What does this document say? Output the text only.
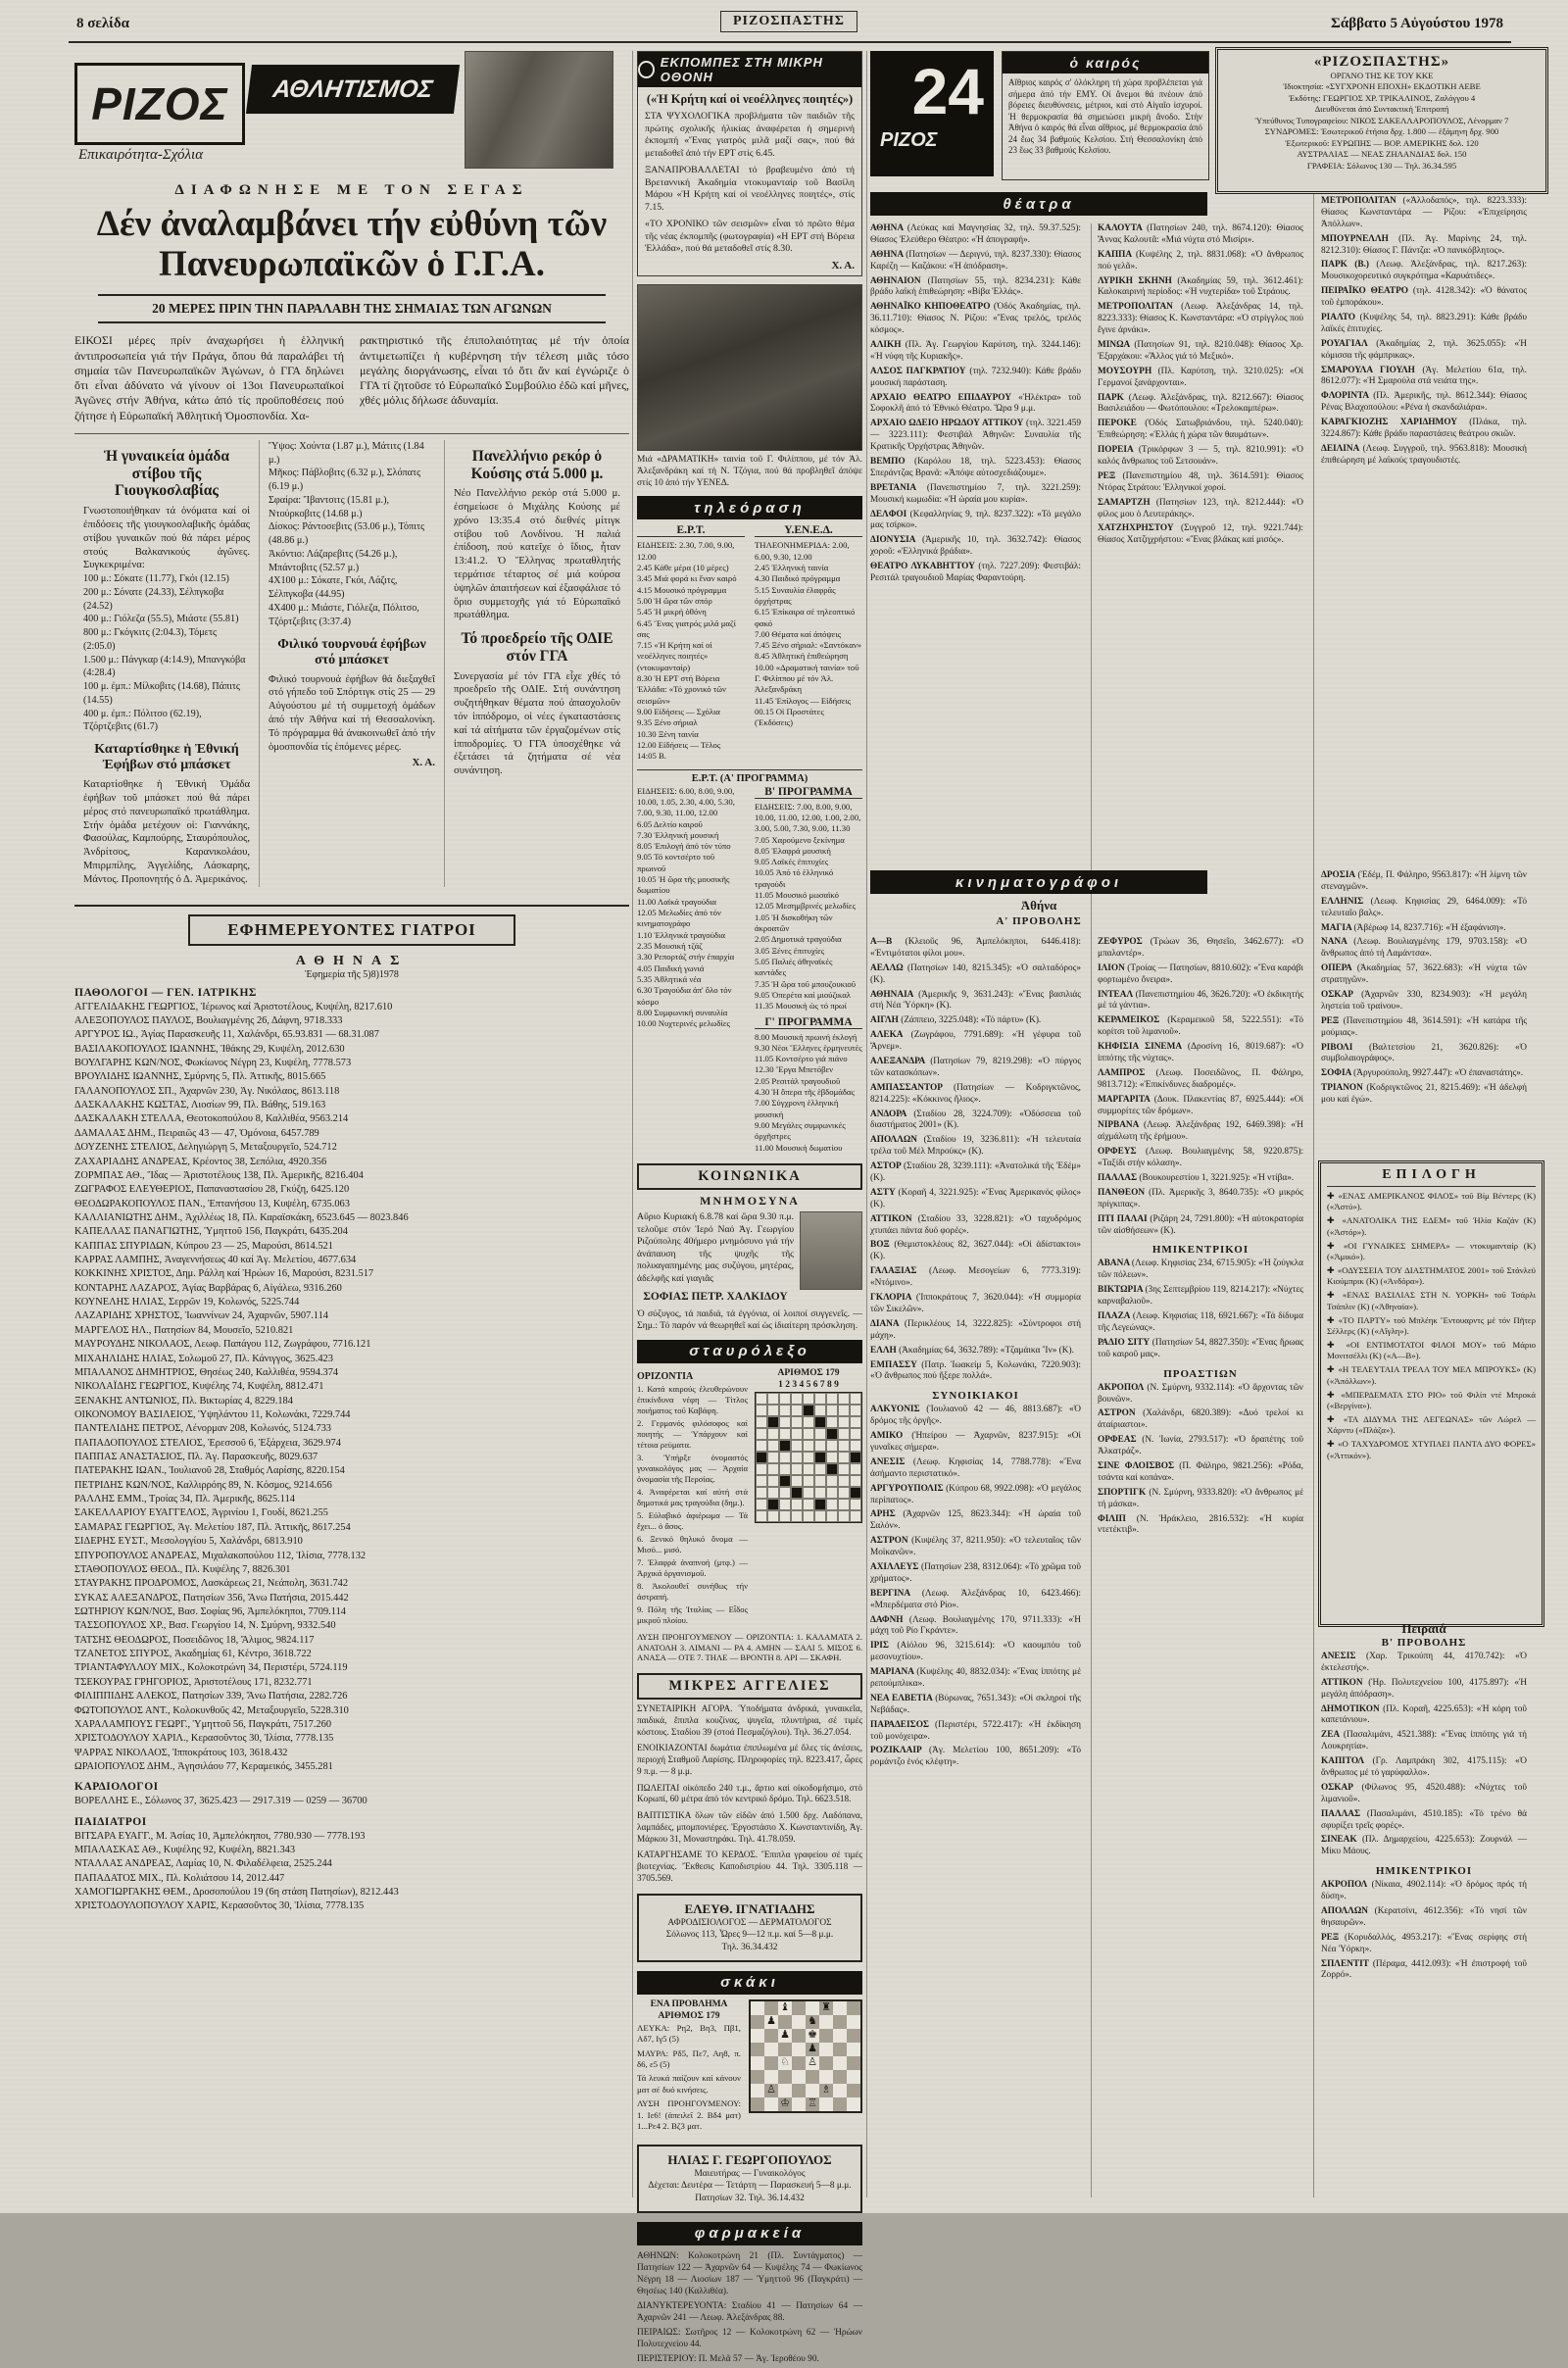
8 σελίδα	ΡΙΖΟΣΠΑΣΤΗΣ	Σάββατο 5 Αὐγούστου 1978
ΡΙΖΟΣ
Επικαιρότητα-Σχόλια
ΑΘΛΗΤΙΣΜΟΣ
ΔΙΑΦΩΝΗΣΕ ΜΕ ΤΟΝ ΣΕΓΑΣ
Δέν ἀναλαμβάνει τήν εὐθύνη τῶν Πανευρωπαϊκῶν ὁ Γ.Γ.Α.
20 ΜΕΡΕΣ ΠΡΙΝ ΤΗΝ ΠΑΡΑΛΑΒΗ ΤΗΣ ΣΗΜΑΙΑΣ ΤΩΝ ΑΓΩΝΩΝ

ΕΙΚΟΣΙ μέρες πρίν ἀναχωρήσει ἡ ἑλληνική ἀντιπροσωπεία γιά τήν Πράγα, ὅπου θά παραλάβει τή σημαία τῶν Πανευρωπαϊκῶν Ἀγώνων, ὁ ΓΓΑ δηλώνει ὅτι εἶναι ἀδύνατο νά γίνουν οἱ 13οι Πανευρωπαϊκοί Ἀγῶνες στήν Ἀθήνα, κάτω ἀπό τίς προϋποθέσεις πού ζήτησε ἡ Εὐρωπαϊκή Ἀθλητική Ὁμοσπονδία. Χα-

ρακτηριστικό τῆς ἐπιπολαιότητας μέ τήν ὁποία ἀντιμετωπίζει ἡ κυβέρνηση τήν τέλεση μιᾶς τόσο μεγάλης διοργάνωσης, εἶναι τό ὅτι ἄν καί ἐγνώριζε ὁ ΓΓΑ τί ζητοῦσε τό Εὐρωπαϊκό Συμβούλιο ἐδῶ καί μῆνες, χθές μόλις δήλωσε ἀδυναμία.

Ἡ γυναικεία ὁμάδα στίβου τῆς Γιουγκοσλαβίας
Γνωστοποιήθηκαν τά ὀνόματα καί οἱ ἐπιδόσεις τῆς γιουγκοσλαβικῆς ὁμάδας στίβου γυναικῶν πού θά πάρει μέρος στούς Βαλκανικούς ἀγῶνες. Συγκεκριμένα:
100 μ.: Σόκατε (11.77), Γκόι (12.15)
200 μ.: Σόνατε (24.33), Σέλπγκοβα (24.52)
400 μ.: Γιόλεζα (55.5), Μιάστε (55.81)
800 μ.: Γκόγκιτς (2:04.3), Τόμετς (2:05.0)
1.500 μ.: Πάνγκαρ (4:14.9), Μπανγκόβα (4:28.4)
100 μ. ἐμπ.: Μίλκοβιτς (14.68), Πάπιτς (14.55)
400 μ. ἐμπ.: Πόλιτσο (62.19), Τζόρτζεβιτς (61.7)
Καταρτίσθηκε ἡ Ἐθνική Ἐφήβων στό μπάσκετ
Καταρτίσθηκε ἡ Ἐθνική Ὁμάδα ἐφήβων τοῦ μπάσκετ πού θά πάρει μέρος στό πανευρωπαϊκό πρωτάθλημα. Στήν ὁμάδα μετέχουν οἱ: Γιαννάκης, Φασούλας, Καμπούρης, Σταυρόπουλος, Ἀνδρίτσος, Καρανικολάου, Μπιρμπίλης, Ἀγγελίδης, Λάσκαρης, Μάντος. Προπονητής ὁ Δ. Ἀμερικάνος.
Ὕψος: Χούντα (1.87 μ.), Μάτιτς (1.84 μ.)
Μῆκος: Πάβλοβιτς (6.32 μ.), Σλόπατς (6.19 μ.)
Σφαίρα: Ἴβαντσιτς (15.81 μ.), Ντούρκοβιτς (14.68 μ.)
Δίσκος: Ράντοσεβιτς (53.06 μ.), Τόπιτς (48.86 μ.)
Ἀκόντιο: Λάζαρεβιτς (54.26 μ.), Μπάντοβιτς (52.57 μ.)
4Χ100 μ.: Σόκατε, Γκόι, Λάζιτς, Σέλπγκοβα (44.95)
4Χ400 μ.: Μιάστε, Γιόλεζα, Πόλιτσο, Τζόρτζεβιτς (3:37.4)
Φιλικό τουρνουά ἐφήβων στό μπάσκετ
Φιλικό τουρνουά ἐφήβων θά διεξαχθεῖ στό γήπεδο τοῦ Σπόρτιγκ στίς 25 — 29 Αὐγούστου μέ τή συμμετοχή ὁμάδων ἀπό τήν Ἀθήνα καί τή Θεσσαλονίκη. Τό πρόγραμμα θά ἀνακοινωθεῖ ἀπό τήν ὁμοσπονδία τίς ἑπόμενες μέρες.
Χ. Α.
Πανελλήνιο ρεκόρ ὁ Κούσης στά 5.000 μ.
Νέο Πανελλήνιο ρεκόρ στά 5.000 μ. ἐσημείωσε ὁ Μιχάλης Κούσης μέ χρόνο 13:35.4 στό διεθνές μίτιγκ στίβου τοῦ Λονδίνου. Ἡ παλιά ἐπίδοση, πού κατεῖχε ὁ ἴδιος, ἦταν 13:41.2. Ὁ Ἕλληνας πρωταθλητής τερμάτισε τέταρτος σέ μιά κούρσα ὑψηλῶν ἀπαιτήσεων καί ἐξασφάλισε τό ὅριο συμμετοχῆς γιά τό Εὐρωπαϊκό πρωτάθλημα.
Τό προεδρείο τῆς ΟΔΙΕ στόν ΓΓΑ
Συνεργασία μέ τόν ΓΓΑ εἶχε χθές τό προεδρεῖο τῆς ΟΔΙΕ. Στή συνάντηση συζητήθηκαν θέματα πού ἀπασχολοῦν τόν ἱππόδρομο, οἱ νέες ἐγκαταστάσεις καί τά αἰτήματα τῶν ἐργαζομένων στίς ἱπποδρομίες. Ὁ ΓΓΑ ὑποσχέθηκε νά ἐξετάσει τά ζητήματα σέ νέα συνάντηση.
ΕΦΗΜΕΡΕΥΟΝΤΕΣ ΓΙΑΤΡΟΙ
ΑΘΗΝΑΣ
Ἐφημερία τῆς 5)8)1978
ΠΑΘΟΛΟΓΟΙ — ΓΕΝ. ΙΑΤΡΙΚΗΣ
ΑΓΓΕΛΙΔΑΚΗΣ ΓΕΩΡΓΙΟΣ, Ἱέρωνος καί Ἀριστοτέλους, Κυψέλη, 8217.610
ΑΛΕΞΟΠΟΥΛΟΣ ΠΑΥΛΟΣ, Βουλιαγμένης 26, Δάφνη, 9718.333
ΑΡΓΥΡΟΣ ΙΩ., Ἁγίας Παρασκευῆς 11, Χαλάνδρι, 65.93.831 — 68.31.087
ΒΑΣΙΛΑΚΟΠΟΥΛΟΣ ΙΩΑΝΝΗΣ, Ἰθάκης 29, Κυψέλη, 2012.630
ΒΟΥΛΓΑΡΗΣ ΚΩΝ/ΝΟΣ, Φωκίωνος Νέγρη 23, Κυψέλη, 7778.573
ΒΡΟΥΛΙΔΗΣ ΙΩΑΝΝΗΣ, Σμύρνης 5, Πλ. Ἀττικῆς, 8015.665
ΓΑΛΑΝΟΠΟΥΛΟΣ ΣΠ., Ἀχαρνῶν 230, Ἁγ. Νικόλαος, 8613.118
ΔΑΣΚΑΛΑΚΗΣ ΚΩΣΤΑΣ, Λιοσίων 99, Πλ. Βάθης, 519.163
ΔΑΣΚΑΛΑΚΗ ΣΤΕΛΛΑ, Θεοτοκοπούλου 8, Καλλιθέα, 9563.214
ΔΑΜΑΛΑΣ ΔΗΜ., Πειραιῶς 43 — 47, Ὁμόνοια, 6457.789
ΔΟΥΖΕΝΗΣ ΣΤΕΛΙΟΣ, Δεληγιώργη 5, Μεταξουργεῖο, 524.712
ΖΑΧΑΡΙΑΔΗΣ ΑΝΔΡΕΑΣ, Κρέοντος 38, Σεπόλια, 4920.356
ΖΟΡΜΠΑΣ ΑΘ., Ἴδας — Ἀριστοτέλους 138, Πλ. Ἀμερικῆς, 8216.404
ΖΩΓΡΑΦΟΣ ΕΛΕΥΘΕΡΙΟΣ, Παπαναστασίου 28, Γκύζη, 6425.120
ΘΕΟΔΩΡΑΚΟΠΟΥΛΟΣ ΠΑΝ., Ἐπτανήσου 13, Κυψέλη, 6735.063
ΚΑΛΛΙΑΝΙΩΤΗΣ ΔΗΜ., Ἀχιλλέως 18, Πλ. Καραϊσκάκη, 6523.645 — 8023.846
ΚΑΠΕΛΛΑΣ ΠΑΝΑΓΙΩΤΗΣ, Ὑμηττοῦ 156, Παγκράτι, 6435.204
ΚΑΠΠΑΣ ΣΠΥΡΙΔΩΝ, Κύπρου 23 — 25, Μαρούσι, 8614.521
ΚΑΡΡΑΣ ΛΑΜΠΗΣ, Ἀναγεννήσεως 40 καί Ἁγ. Μελετίου, 4677.634
ΚΟΚΚΙΝΗΣ ΧΡΙΣΤΟΣ, Δημ. Ράλλη καί Ἡρώων 16, Μαρούσι, 8231.517
ΚΟΝΤΑΡΗΣ ΛΑΖΑΡΟΣ, Ἁγίας Βαρβάρας 6, Αἰγάλεω, 9316.260
ΚΟΥΝΕΛΗΣ ΗΛΙΑΣ, Σερρῶν 19, Κολωνός, 5225.744
ΛΑΖΑΡΙΔΗΣ ΧΡΗΣΤΟΣ, Ἰωαννίνων 24, Ἀχαρνῶν, 5907.114
ΜΑΡΓΕΛΟΣ ΗΛ., Πατησίων 84, Μουσεῖο, 5210.821
ΜΑΥΡΟΥΔΗΣ ΝΙΚΟΛΑΟΣ, Λεωφ. Παπάγου 112, Ζωγράφου, 7716.121
ΜΙΧΑΗΛΙΔΗΣ ΗΛΙΑΣ, Σολωμοῦ 27, Πλ. Κάνιγγος, 3625.423
ΜΠΑΛΑΝΟΣ ΔΗΜΗΤΡΙΟΣ, Θησέως 240, Καλλιθέα, 9594.374
ΝΙΚΟΛΑΪΔΗΣ ΓΕΩΡΓΙΟΣ, Κυψέλης 74, Κυψέλη, 8812.471
ΞΕΝΑΚΗΣ ΑΝΤΩΝΙΟΣ, Πλ. Βικτωρίας 4, 8229.184
ΟΙΚΟΝΟΜΟΥ ΒΑΣΙΛΕΙΟΣ, Ὑψηλάντου 11, Κολωνάκι, 7229.744
ΠΑΝΤΕΛΙΔΗΣ ΠΕΤΡΟΣ, Λένορμαν 208, Κολωνός, 5124.733
ΠΑΠΑΔΟΠΟΥΛΟΣ ΣΤΕΛΙΟΣ, Ἐρεσσοῦ 6, Ἐξάρχεια, 3629.974
ΠΑΠΠΑΣ ΑΝΑΣΤΑΣΙΟΣ, Πλ. Ἁγ. Παρασκευῆς, 8029.637
ΠΑΤΕΡΑΚΗΣ ΙΩΑΝ., Ἰουλιανοῦ 28, Σταθμός Λαρίσης, 8220.154
ΠΕΤΡΙΔΗΣ ΚΩΝ/ΝΟΣ, Καλλιρρόης 89, Ν. Κόσμος, 9214.656
ΡΑΛΛΗΣ ΕΜΜ., Τροίας 34, Πλ. Ἀμερικῆς, 8625.114
ΣΑΚΕΛΛΑΡΙΟΥ ΕΥΑΓΓΕΛΟΣ, Ἀγρινίου 1, Γουδί, 8621.255
ΣΑΜΑΡΑΣ ΓΕΩΡΓΙΟΣ, Ἁγ. Μελετίου 187, Πλ. Ἀττικῆς, 8617.254
ΣΙΔΕΡΗΣ ΕΥΣΤ., Μεσολογγίου 5, Χαλάνδρι, 6813.910
ΣΠΥΡΟΠΟΥΛΟΣ ΑΝΔΡΕΑΣ, Μιχαλακοπούλου 112, Ἰλίσια, 7778.132
ΣΤΑΘΟΠΟΥΛΟΣ ΘΕΟΔ., Πλ. Κυψέλης 7, 8826.301
ΣΤΑΥΡΑΚΗΣ ΠΡΟΔΡΟΜΟΣ, Λασκάρεως 21, Νεάπολη, 3631.742
ΣΥΚΑΣ ΑΛΕΞΑΝΔΡΟΣ, Πατησίων 356, Ἄνω Πατήσια, 2015.442
ΣΩΤΗΡΙΟΥ ΚΩΝ/ΝΟΣ, Βασ. Σοφίας 96, Ἀμπελόκηποι, 7709.114
ΤΑΣΣΟΠΟΥΛΟΣ ΧΡ., Βασ. Γεωργίου 14, Ν. Σμύρνη, 9332.540
ΤΑΤΣΗΣ ΘΕΟΔΩΡΟΣ, Ποσειδῶνος 18, Ἄλιμος, 9824.117
ΤΖΑΝΕΤΟΣ ΣΠΥΡΟΣ, Ἀκαδημίας 61, Κέντρο, 3618.722
ΤΡΙΑΝΤΑΦΥΛΛΟΥ ΜΙΧ., Κολοκοτρώνη 34, Περιστέρι, 5724.119
ΤΣΕΚΟΥΡΑΣ ΓΡΗΓΟΡΙΟΣ, Ἀριστοτέλους 171, 8232.771
ΦΙΛΙΠΠΙΔΗΣ ΑΛΕΚΟΣ, Πατησίων 339, Ἄνω Πατήσια, 2282.726
ΦΩΤΟΠΟΥΛΟΣ ΑΝΤ., Κολοκυνθοῦς 42, Μεταξουργεῖο, 5228.310
ΧΑΡΑΛΑΜΠΟΥΣ ΓΕΩΡΓ., Ὑμηττοῦ 56, Παγκράτι, 7517.260
ΧΡΙΣΤΟΔΟΥΛΟΥ ΧΑΡΙΛ., Κερασοῦντος 30, Ἰλίσια, 7778.135
ΨΑΡΡΑΣ ΝΙΚΟΛΑΟΣ, Ἱπποκράτους 103, 3618.432
ΩΡΑΙΟΠΟΥΛΟΣ ΔΗΜ., Ἀγησιλάου 77, Κεραμεικός, 3455.281
ΚΑΡΔΙΟΛΟΓΟΙ
ΒΟΡΕΛΛΗΣ Ε., Σόλωνος 37, 3625.423 — 2917.319 — 0259 — 36700
ΠΑΙΔΙΑΤΡΟΙ
ΒΙΤΣΑΡΑ ΕΥΑΓΓ., Μ. Ἀσίας 10, Ἀμπελόκηποι, 7780.930 — 7778.193
ΜΠΑΛΑΣΚΑΣ ΑΘ., Κυψέλης 92, Κυψέλη, 8821.343
ΝΤΑΛΛΑΣ ΑΝΔΡΕΑΣ, Λαμίας 10, Ν. Φιλαδέλφεια, 2525.244
ΠΑΠΑΔΑΤΟΣ ΜΙΧ., Πλ. Κολιάτσου 14, 2012.447
ΧΑΜΟΓΙΩΡΓΑΚΗΣ ΘΕΜ., Δροσοπούλου 19 (6η στάση Πατησίων), 8212.443
ΧΡΙΣΤΟΔΟΥΛΟΠΟΥΛΟΥ ΧΑΡΙΣ, Κερασοῦντος 30, Ἰλίσια, 7778.135
ΕΚΠΟΜΠΕΣ ΣΤΗ ΜΙΚΡΗ ΟΘΟΝΗ
(«Ἡ Κρήτη καί οἱ νεοέλληνες ποιητές»)

ΣΤΑ ΨΥΧΟΛΟΓΙΚΑ προβλήματα τῶν παιδιῶν τῆς πρώτης σχολικῆς ἡλικίας ἀναφέρεται ἡ σημερινή ἐκπομπή «Ἕνας γιατρός μιλᾶ μαζί σας», πού θά μεταδοθεῖ ἀπό τήν ΕΡΤ στίς 6.45.

ΞΑΝΑΠΡΟΒΑΛΛΕΤΑΙ τό βραβευμένο ἀπό τή Βρεταννική Ἀκαδημία ντοκυμανταίρ τοῦ Βασίλη Μάρου «Ἡ Κρήτη καί οἱ νεοέλληνες ποιητές», στίς 7.15.

«ΤΟ ΧΡΟΝΙΚΟ τῶν σεισμῶν» εἶναι τό πρῶτο θέμα τῆς νέας ἐκπομπῆς (φωτογραφία) «Η ΕΡΤ στή Βόρεια Ἑλλάδα», πού θά μεταδοθεῖ στίς 8.30.

Χ. Α.
Μιά «ΔΡΑΜΑΤΙΚΗ» ταινία τοῦ Γ. Φιλίππου, μέ τόν Ἀλ. Ἀλεξανδράκη καί τή Ν. Τζόγια, πού θά προβληθεῖ ἀπόψε στίς 10 ἀπό τήν ΥΕΝΕΔ.
τηλεόραση
Ε.Ρ.Τ.
ΕΙΔΗΣΕΙΣ: 2.30, 7.00, 9.00, 12.00
2.45 Κάθε μέρα (10 μέρες)
3.45 Μιά φορά κι ἕναν καιρό
4.15 Μουσικό πρόγραμμα
5.00 Ἡ ὥρα τῶν σπόρ
5.45 Ἡ μικρή ὀθόνη
6.45 Ἕνας γιατρός μιλᾶ μαζί σας
7.15 «Ἡ Κρήτη καί οἱ νεοέλληνες ποιητές» (ντοκυμανταίρ)
8.30 Ἡ ΕΡΤ στή Βόρεια Ἑλλάδα: «Τό χρονικό τῶν σεισμῶν»
9.00 Εἰδήσεις — Σχόλια
9.35 Ξένο σήριαλ
10.30 Ξένη ταινία
12.00 Εἰδήσεις — Τέλος
14:05 Β.
Υ.ΕΝ.Ε.Δ.
ΤΗΛΕΟΝΗΜΕΡΙΔΑ: 2.00, 6.00, 9.30, 12.00
2.45 Ἑλληνική ταινία
4.30 Παιδικό πρόγραμμα
5.15 Συναυλία ἐλαφρᾶς ὀρχήστρας
6.15 Ἐπίκαιρα σέ τηλεοπτικό φακό
7.00 Θέματα καί ἀπόψεις
7.45 Ξένο σήριαλ: «Σαντόκαν»
8.45 Ἀθλητική ἐπιθεώρηση
10.00 «Δραματική ταινία» τοῦ Γ. Φιλίππου μέ τόν Ἀλ. Ἀλεξανδράκη
11.45 Ἐπίλογος — Εἰδήσεις
00.15 Οἱ Προστάτες (Ἐκδόσεις)
Ε.Ρ.Τ. (Α' ΠΡΟΓΡΑΜΜΑ)
ΕΙΔΗΣΕΙΣ: 6.00, 8.00, 9.00, 10.00, 1.05, 2.30, 4.00, 5.30, 7.00, 9.30, 11.00, 12.00
6.05 Δελτίο καιροῦ
7.30 Ἑλληνική μουσική
8.05 Ἐπιλογή ἀπό τόν τύπο
9.05 Τό κοντσέρτο τοῦ πρωινοῦ
10.05 Ἡ ὥρα τῆς μουσικῆς δωματίου
11.00 Λαϊκά τραγούδια
12.05 Μελωδίες ἀπό τόν κινηματογράφο
1.10 Ἑλληνικά τραγούδια
2.35 Μουσική τζάζ
3.30 Ρεπορτάζ στήν ἐπαρχία
4.05 Παιδική γωνιά
5.35 Ἀθλητικά νέα
6.30 Τραγούδια ἀπ' ὅλο τόν κόσμο
8.00 Συμφωνική συναυλία
10.00 Νυχτερινές μελωδίες
Β' ΠΡΟΓΡΑΜΜΑ
ΕΙΔΗΣΕΙΣ: 7.00, 8.00, 9.00, 10.00, 11.00, 12.00, 1.00, 2.00, 3.00, 5.00, 7.30, 9.00, 11.30
7.05 Χαρούμενο ξεκίνημα
8.05 Ἐλαφρά μουσική
9.05 Λαϊκές ἐπιτυχίες
10.05 Ἀπό τό ἑλληνικό τραγούδι
11.05 Μουσικό μωσαϊκό
12.05 Μεσημβρινές μελωδίες
1.05 Ἡ δισκοθήκη τῶν ἀκροατῶν
2.05 Δημοτικά τραγούδια
3.05 Ξένες ἐπιτυχίες
5.05 Παλιές ἀθηναϊκές καντάδες
7.35 Ἡ ὥρα τοῦ μπουζουκιοῦ
9.05 Ὀπερέτα καί μιούζικαλ
11.35 Μουσική ὡς τό πρωί
Γ' ΠΡΟΓΡΑΜΜΑ
8.00 Μουσική πρωινή ἐκλογή
9.30 Νέοι Ἕλληνες ἑρμηνευτές
11.05 Κοντσέρτο γιά πιάνο
12.30 Ἔργα Μπετόβεν
2.05 Ρεσιτάλ τραγουδιοῦ
4.30 Ἡ ὄπερα τῆς ἑβδομάδας
7.00 Σύγχρονη ἑλληνική μουσική
9.00 Μεγάλες συμφωνικές ὀρχῆστρες
11.00 Μουσική δωματίου
ΚΟΙΝΩΝΙΚΑ
ΜΝΗΜΟΣΥΝΑ
Αὔριο Κυριακή 6.8.78 καί ὥρα 9.30 π.μ. τελοῦμε στόν Ἱερό Ναό Ἁγ. Γεωργίου Ριζούπολης 40ήμερο μνημόσυνο γιά τήν ἀνάπαυση τῆς ψυχῆς τῆς πολυαγαπημένης μας συζύγου, μητέρας, ἀδελφῆς καί γιαγιᾶς
ΣΟΦΙΑΣ ΠΕΤΡ. ΧΑΛΚΙΔΟΥ
Ὁ σύζυγος, τά παιδιά, τά ἐγγόνια, οἱ λοιποί συγγενεῖς. — Σημ.: Τό παρόν νά θεωρηθεῖ καί ὡς ἰδιαίτερη πρόσκληση.
σταυρόλεξο
ΟΡΙΖΟΝΤΙΑ
1. Κατά καιρούς ἐλευθερώνουν ἐπικίνδυνα νέφη — Τίτλος ποιήματος τοῦ Καβάφη.
2. Γερμανός φιλόσοφος καί ποιητής — Ὑπάρχουν καί τέτοια ρεύματα.
3. Ὑπήρξε ὀνομαστός γυναικολόγος μας — Ἀρχαία ὀνομασία τῆς Περσίας.
4. Ἀναφέρεται καί αὐτή στά δημοτικά μας τραγούδια (δημ.).
5. Εὐλαβικό ἀφιέρωμα — Τά ἔχει... ὁ ἄσος.
6. Ξενικό θηλυκό ὄνομα — Μισό... μισό.
7. Ἐλαφρά ἀναπνοή (μτφ.) — Ἀρχικά ὀργανισμοῦ.
8. Ἀκολουθεῖ συνήθως τήν ἀστραπή.
9. Πόλη τῆς Ἰταλίας — Εἶδος μικροῦ πλοίου.
ΑΡΙΘΜΟΣ 179
1 2 3 4 5 6 7 8 9
ΛΥΣΗ ΠΡΟΗΓΟΥΜΕΝΟΥ — ΟΡΙΖΟΝΤΙΑ: 1. ΚΑΛΑΜΑΤΑ 2. ΑΝΑΤΟΛΗ 3. ΛΙΜΑΝΙ — ΡΑ 4. ΑΜΗΝ — ΣΑΛΙ 5. ΜΙΣΟΣ 6. ΑΝΑΣΑ — ΟΤΕ 7. ΤΗΛΕ — ΒΡΟΝΤΗ 8. ΑΡΙ — ΣΚΑΦΗ.
ΜΙΚΡΕΣ ΑΓΓΕΛΙΕΣ
ΣΥΝΕΤΑΙΡΙΚΗ ΑΓΟΡΑ. Ὑποδήματα ἀνδρικά, γυναικεῖα, παιδικά, ἔπιπλα κουζίνας, ψυγεῖα, πλυντήρια, σέ τιμές κόστους. Σταδίου 39 (στοά Πεσμαζόγλου). Τηλ. 36.27.054.
ΕΝΟΙΚΙΑΖΟΝΤΑΙ δωμάτια ἐπιπλωμένα μέ ὅλες τίς ἀνέσεις, περιοχή Σταθμοῦ Λαρίσης. Πληροφορίες τηλ. 8223.417, ὧρες 9 π.μ. — 8 μ.μ.
ΠΩΛΕΙΤΑΙ οἰκόπεδο 240 τ.μ., ἄρτιο καί οἰκοδομήσιμο, στό Κορωπί, 60 μέτρα ἀπό τόν κεντρικό δρόμο. Τηλ. 6623.518.
ΒΑΠΤΙΣΤΙΚΑ ὅλων τῶν εἰδῶν ἀπό 1.500 δρχ. Λαδόπανα, λαμπάδες, μπομπονιέρες. Ἐργοστάσιο Χ. Κωνσταντινίδη, Ἁγ. Μάρκου 31, Μοναστηράκι. Τηλ. 41.78.059.
ΚΑΤΑΡΓΗΣΑΜΕ ΤΟ ΚΕΡΔΟΣ. Ἔπιπλα γραφείου σέ τιμές βιοτεχνίας. Ἔκθεσις Καποδιστρίου 44. Τηλ. 3305.118 — 3705.569.
ΕΛΕΥΘ. ΙΓΝΑΤΙΑΔΗΣ
ΑΦΡΟΔΙΣΙΟΛΟΓΟΣ — ΔΕΡΜΑΤΟΛΟΓΟΣ
Σόλωνος 113, Ὧρες 9—12 π.μ. καί 5—8 μ.μ.
Τηλ. 36.34.432
σκάκι
ΕΝΑ ΠΡΟΒΛΗΜΑ
ΑΡΙΘΜΟΣ 179
ΛΕΥΚΑ: Ρη2, Βη3, Πβ1, Αδ7, Ιγ5 (5)
ΜΑΥΡΑ: Ρδ5, Πε7, Αη8, π. δ6, ε5 (5)
Τά λευκά παίζουν καί κάνουν ματ σέ δυό κινήσεις.
ΛΥΣΗ ΠΡΟΗΓΟΥΜΕΝΟΥ: 1. Ιε6! (ἀπειλεῖ 2. Βδ4 ματ) 1...Ρε4 2. Βζ3 ματ.
♝	♜
♟	♞
♟ ♚
♟
♘ ♙
♙	♗
♔ ♖
ΗΛΙΑΣ Γ. ΓΕΩΡΓΟΠΟΥΛΟΣ
Μαιευτήρας — Γυναικολόγος
Δέχεται: Δευτέρα — Τετάρτη — Παρασκευή 5—8 μ.μ.
Πατησίων 32. Τηλ. 36.14.432
φαρμακεία
ΑΘΗΝΩΝ: Κολοκοτρώνη 21 (Πλ. Συντάγματος) — Πατησίων 122 — Ἀχαρνῶν 64 — Κυψέλης 74 — Φωκίωνος Νέγρη 18 — Λιοσίων 187 — Ὑμηττοῦ 96 (Παγκράτι) — Θησέως 140 (Καλλιθέα).
ΔΙΑΝΥΚΤΕΡΕΥΟΝΤΑ: Σταδίου 41 — Πατησίων 64 — Ἀχαρνῶν 241 — Λεωφ. Ἀλεξάνδρας 88.
ΠΕΙΡΑΙΩΣ: Σωτῆρος 12 — Κολοκοτρώνη 62 — Ἡρώων Πολυτεχνείου 44.
ΠΕΡΙΣΤΕΡΙΟΥ: Π. Μελᾶ 57 — Ἁγ. Ἱεροθέου 90.
24
ΡΙΖΟΣ
ὁ καιρός
Αἴθριος καιρός σ' ὁλόκληρη τή χώρα προβλέπεται γιά σήμερα ἀπό τήν ΕΜΥ. Οἱ ἄνεμοι θά πνέουν ἀπό βόρειες διευθύνσεις, μέτριοι, καί στό Αἰγαῖο ἰσχυροί. Ἡ θερμοκρασία θά σημειώσει μικρή ἄνοδο. Στήν Ἀθήνα ὁ καιρός θά εἶναι αἴθριος, μέ θερμοκρασία ἀπό 24 ἕως 34 βαθμούς Κελσίου. Στή Θεσσαλονίκη ἀπό 23 ἕως 33 βαθμούς Κελσίου.
«ΡΙΖΟΣΠΑΣΤΗΣ»
ΟΡΓΑΝΟ ΤΗΣ ΚΕ ΤΟΥ ΚΚΕ
Ἰδιοκτησία: «ΣΥΓΧΡΟΝΗ ΕΠΟΧΗ» ΕΚΔΟΤΙΚΗ ΑΕΒΕ
Ἐκδότης: ΓΕΩΡΓΙΟΣ ΧΡ. ΤΡΙΚΑΛΙΝΟΣ, Ζαλόγγου 4
Διευθύνεται ἀπό Συντακτική Ἐπιτροπή
Ὑπεύθυνος Τυπογραφείου: ΝΙΚΟΣ ΣΑΚΕΛΛΑΡΟΠΟΥΛΟΣ, Λένορμαν 7
ΣΥΝΔΡΟΜΕΣ: Ἐσωτερικοῦ ἐτήσια δρχ. 1.800 — ἑξάμηνη δρχ. 900
Ἐξωτερικοῦ: ΕΥΡΩΠΗΣ — ΒΟΡ. ΑΜΕΡΙΚΗΣ δολ. 120
ΑΥΣΤΡΑΛΙΑΣ — ΝΕΑΣ ΖΗΛΑΝΔΙΑΣ δολ. 150
ΓΡΑΦΕΙΑ: Σόλωνος 130 — Τηλ. 36.34.595
θέατρα
ΑΘΗΝΑ (Λεύκας καί Μαγνησίας 32, τηλ. 59.37.525): Θίασος Ἐλεύθερο Θέατρο: «Ἡ ἀπογραφή».
ΑΘΗΝΑ (Πατησίων — Δεριγνύ, τηλ. 8237.330): Θίασος Καρέζη — Καζάκου: «Ἡ ἀπόδραση».
ΑΘΗΝΑΙΟΝ (Πατησίων 55, τηλ. 8234.231): Κάθε βράδυ λαϊκή ἐπιθεώρηση: «Βίβα Ἑλλάς».
ΑΘΗΝΑΪΚΟ ΚΗΠΟΘΕΑΤΡΟ (Ὁδός Ἀκαδημίας, τηλ. 36.11.710): Θίασος Ν. Ρίζου: «Ἕνας τρελός, τρελός κόσμος».
ΑΛΙΚΗ (Πλ. Ἁγ. Γεωργίου Καρύτση, τηλ. 3244.146): «Ἡ νύφη τῆς Κυριακῆς».
ΑΛΣΟΣ ΠΑΓΚΡΑΤΙΟΥ (τηλ. 7232.940): Κάθε βράδυ μουσική παράσταση.
ΑΡΧΑΙΟ ΘΕΑΤΡΟ ΕΠΙΔΑΥΡΟΥ «Ἠλέκτρα» τοῦ Σοφοκλῆ ἀπό τό Ἐθνικό Θέατρο. Ὥρα 9 μ.μ.
ΑΡΧΑΙΟ ΩΔΕΙΟ ΗΡΩΔΟΥ ΑΤΤΙΚΟΥ (τηλ. 3221.459 — 3223.111): Φεστιβάλ Ἀθηνῶν: Συναυλία τῆς Κρατικῆς Ὀρχήστρας Ἀθηνῶν.
ΒΕΜΠΟ (Καρόλου 18, τηλ. 5223.453): Θίασος Σπεράντζας Βρανᾶ: «Ἀπόψε αὐτοσχεδιάζουμε».
ΒΡΕΤΑΝΙΑ (Πανεπιστημίου 7, τηλ. 3221.259): Μουσική κωμωδία: «Ἡ ὡραία μου κυρία».
ΔΕΛΦΟΙ (Κεφαλληνίας 9, τηλ. 8237.322): «Τό μεγάλο μας τσίρκο».
ΔΙΟΝΥΣΙΑ (Ἀμερικῆς 10, τηλ. 3632.742): Θίασος χοροῦ: «Ἑλληνικά βράδια».
ΘΕΑΤΡΟ ΛΥΚΑΒΗΤΤΟΥ (τηλ. 7227.209): Φεστιβάλ: Ρεσιτάλ τραγουδιοῦ Μαρίας Φαραντούρη.
ΚΑΛΟΥΤΑ (Πατησίων 240, τηλ. 8674.120): Θίασος Ἄννας Καλουτᾶ: «Μιά νύχτα στό Μισίρι».
ΚΑΠΠΑ (Κυψέλης 2, τηλ. 8831.068): «Ὁ ἄνθρωπος πού γελᾶ».
ΛΥΡΙΚΗ ΣΚΗΝΗ (Ἀκαδημίας 59, τηλ. 3612.461): Καλοκαιρινή περίοδος: «Ἡ νυχτερίδα» τοῦ Στράους.
ΜΕΤΡΟΠΟΛΙΤΑΝ (Λεωφ. Ἀλεξάνδρας 14, τηλ. 8223.333): Θίασος Κ. Κωνσταντάρα: «Ὁ στρίγγλος πού ἔγινε ἀρνάκι».
ΜΙΝΩΑ (Πατησίων 91, τηλ. 8210.048): Θίασος Χρ. Ἐξαρχάκου: «Ἄλλος γιά τό Μεξικό».
ΜΟΥΣΟΥΡΗ (Πλ. Καρύτση, τηλ. 3210.025): «Οἱ Γερμανοί ξανάρχονται».
ΠΑΡΚ (Λεωφ. Ἀλεξάνδρας, τηλ. 8212.667): Θίασος Βασιλειάδου — Φωτόπουλου: «Τρελοκαμπέρω».
ΠΕΡΟΚΕ (Ὁδός Σατωβριάνδου, τηλ. 5240.040): Ἐπιθεώρηση: «Ἑλλάς ἡ χώρα τῶν θαυμάτων».
ΠΟΡΕΙΑ (Τρικόρφων 3 — 5, τηλ. 8210.991): «Ὁ καλός ἄνθρωπος τοῦ Σετσουάν».
ΡΕΞ (Πανεπιστημίου 48, τηλ. 3614.591): Θίασος Ντόρας Στράτου: Ἑλληνικοί χοροί.
ΣΑΜΑΡΤΖΗ (Πατησίων 123, τηλ. 8212.444): «Ὁ φίλος μου ὁ Λευτεράκης».
ΧΑΤΖΗΧΡΗΣΤΟΥ (Συγγροῦ 12, τηλ. 9221.744): Θίασος Χατζηχρήστου: «Ἕνας βλάκας καί μισός».
ΜΕΤΡΟΠΟΛΙΤΑΝ («Ἀλλοδαπός», τηλ. 8223.333): Θίασος Κωνσταντάρα — Ρίζου: «Ἐπιχείρησις Ἀπόλλων».
ΜΠΟΥΡΝΕΛΛΗ (Πλ. Ἁγ. Μαρίνης 24, τηλ. 8212.310): Θίασος Γ. Πάντζα: «Ὁ πανικόβλητος».
ΠΑΡΚ (Β.) (Λεωφ. Ἀλεξάνδρας, τηλ. 8217.263): Μουσικοχορευτικό συγκρότημα «Καρυάτιδες».
ΠΕΙΡΑΪΚΟ ΘΕΑΤΡΟ (τηλ. 4128.342): «Ὁ θάνατος τοῦ ἐμποράκου».
ΡΙΑΛΤΟ (Κυψέλης 54, τηλ. 8823.291): Κάθε βράδυ λαϊκές ἐπιτυχίες.
ΡΟΥΑΓΙΑΛ (Ἀκαδημίας 2, τηλ. 3625.055): «Ἡ κόμισσα τῆς φάμπρικας».
ΣΜΑΡΟΥΛΑ ΓΙΟΥΛΗ (Ἁγ. Μελετίου 61α, τηλ. 8612.077): «Ἡ Σμαρούλα στά νειάτα της».
ΦΛΟΡΙΝΤΑ (Πλ. Ἀμερικῆς, τηλ. 8612.344): Θίασος Ρένας Βλαχοπούλου: «Ρένα ἡ σκανδαλιάρα».
ΚΑΡΑΓΚΙΟΖΗΣ ΧΑΡΙΔΗΜΟΥ (Πλάκα, τηλ. 3224.867): Κάθε βράδυ παραστάσεις θεάτρου σκιῶν.
ΔΕΙΛΙΝΑ (Λεωφ. Συγγροῦ, τηλ. 9563.818): Μουσική ἐπιθεώρηση μέ λαϊκούς τραγουδιστές.
κινηματογράφοι
Ἀθήνα
Α' ΠΡΟΒΟΛΗΣ
Α—Β (Κλειοῦς 96, Ἀμπελόκηποι, 6446.418): «Ἐντιμότατοι φίλοι μου».
ΑΕΛΛΩ (Πατησίων 140, 8215.345): «Ὁ σαλταδόρος» (Κ).
ΑΘΗΝΑΙΑ (Ἀμερικῆς 9, 3631.243): «Ἕνας βασιλιάς στή Νέα Ὑόρκη» (Κ).
ΑΙΓΛΗ (Ζάππειο, 3225.048): «Τό πάρτυ» (Κ).
ΑΛΕΚΑ (Ζωγράφου, 7791.689): «Ἡ γέφυρα τοῦ Ἄρνεμ».
ΑΛΕΞΑΝΔΡΑ (Πατησίων 79, 8219.298): «Ὁ πύργος τῶν κατασκόπων».
ΑΜΠΑΣΣΑΝΤΟΡ (Πατησίων — Κοδριγκτῶνος, 8214.225): «Κόκκινος ἥλιος».
ΑΝΔΟΡΑ (Σταδίου 28, 3224.709): «Ὀδύσσεια τοῦ διαστήματος 2001» (Κ).
ΑΠΟΛΛΩΝ (Σταδίου 19, 3236.811): «Ἡ τελευταία τρέλα τοῦ Μέλ Μπρούκς» (Κ).
ΑΣΤΟΡ (Σταδίου 28, 3239.111): «Ἀνατολικά τῆς Ἐδέμ» (Κ).
ΑΣΤΥ (Κοραῆ 4, 3221.925): «Ἕνας Ἀμερικανός φίλος» (Κ).
ΑΤΤΙΚΟΝ (Σταδίου 33, 3228.821): «Ὁ ταχυδρόμος χτυπάει πάντα δυό φορές».
ΒΟΞ (Θεμιστοκλέους 82, 3627.044): «Οἱ ἀδίστακτοι» (Κ).
ΓΑΛΑΞΙΑΣ (Λεωφ. Μεσογείων 6, 7773.319): «Ντόμινο».
ΓΚΛΟΡΙΑ (Ἰπποκράτους 7, 3620.044): «Ἡ συμμορία τῶν Σικελῶν».
ΔΙΑΝΑ (Περικλέους 14, 3222.825): «Σύντροφοι στή μάχη».
ΕΛΛΗ (Ἀκαδημίας 64, 3632.789): «Τζαμάικα Ἴν» (Κ).
ΕΜΠΑΣΣΥ (Πατρ. Ἰωακείμ 5, Κολωνάκι, 7220.903): «Ὁ ἄνθρωπος πού ἤξερε πολλά».
ΣΥΝΟΙΚΙΑΚΟΙ
ΑΛΚΥΟΝΙΣ (Ἰουλιανοῦ 42 — 46, 8813.687): «Ὁ δρόμος τῆς ὀργῆς».
ΑΜΙΚΟ (Ἠπείρου — Ἀχαρνῶν, 8237.915): «Οἱ γυναῖκες σήμερα».
ΑΝΕΣΙΣ (Λεωφ. Κηφισίας 14, 7788.778): «Ἕνα ἀσήμαντο περιστατικό».
ΑΡΓΥΡΟΥΠΟΛΙΣ (Κύπρου 68, 9922.098): «Ὁ μεγάλος περίπατος».
ΑΡΗΣ (Ἀχαρνῶν 125, 8623.344): «Ἡ ὡραία τοῦ Σαλόν».
ΑΣΤΡΟΝ (Κυψέλης 37, 8211.950): «Ὁ τελευταῖος τῶν Μοϊκανῶν».
ΑΧΙΛΛΕΥΣ (Πατησίων 238, 8312.064): «Τό χρῶμα τοῦ χρήματος».
ΒΕΡΓΙΝΑ (Λεωφ. Ἀλεξάνδρας 10, 6423.466): «Μπερδέματα στό Ρίο».
ΔΑΦΝΗ (Λεωφ. Βουλιαγμένης 170, 9711.333): «Ἡ μάχη τοῦ Ρίο Γκράντε».
ΙΡΙΣ (Αἰόλου 96, 3215.614): «Ὁ καουμπόυ τοῦ μεσονυχτίου».
ΜΑΡΙΑΝΑ (Κυψέλης 40, 8832.034): «Ἕνας ἱππότης μέ ρεπούμπλικα».
ΝΕΑ ΕΛΒΕΤΙΑ (Βύρωνας, 7651.343): «Οἱ σκληροί τῆς Νεβάδας».
ΠΑΡΑΔΕΙΣΟΣ (Περιστέρι, 5722.417): «Ἡ ἐκδίκηση τοῦ μονόχειρα».
ΡΟΖΙΚΛΑΙΡ (Ἁγ. Μελετίου 100, 8651.209): «Τό ρομάντζο ἑνός κλέφτη».
ΖΕΦΥΡΟΣ (Τρώων 36, Θησεῖο, 3462.677): «Ὁ μπαλαντέρ».
ΙΛΙΟΝ (Τροίας — Πατησίων, 8810.602): «Ἕνα καράβι φορτωμένο ὄνειρα».
ΙΝΤΕΑΛ (Πανεπιστημίου 46, 3626.720): «Ὁ ἐκδικητής μέ τά γάντια».
ΚΕΡΑΜΕΙΚΟΣ (Κεραμεικοῦ 58, 5222.551): «Τό κορίτσι τοῦ λιμανιοῦ».
ΚΗΦΙΣΙΑ ΣΙΝΕΜΑ (Δροσίνη 16, 8019.687): «Ὁ ἱππότης τῆς νύχτας».
ΛΑΜΠΡΟΣ (Λεωφ. Ποσειδῶνος, Π. Φάληρο, 9813.712): «Ἐπικίνδυνες διαδρομές».
ΜΑΡΓΑΡΙΤΑ (Δουκ. Πλακεντίας 87, 6925.444): «Οἱ συμμορίτες τῶν δρόμων».
ΝΙΡΒΑΝΑ (Λεωφ. Ἀλεξάνδρας 192, 6469.398): «Ἡ αἰχμάλωτη τῆς ἐρήμου».
ΟΡΦΕΥΣ (Λεωφ. Βουλιαγμένης 58, 9220.875): «Ταξίδι στήν κόλαση».
ΠΑΛΛΑΣ (Βουκουρεστίου 1, 3221.925): «Ἡ ντίβα».
ΠΑΝΘΕΟΝ (Πλ. Ἀμερικῆς 3, 8640.735): «Ὁ μικρός πρίγκιπας».
ΠΤΙ ΠΑΛΑΙ (Ριζάρη 24, 7291.800): «Ἡ αὐτοκρατορία τῶν αἰσθήσεων» (Κ).
ΗΜΙΚΕΝΤΡΙΚΟΙ
ΑΒΑΝΑ (Λεωφ. Κηφισίας 234, 6715.905): «Ἡ ζούγκλα τῶν πόλεων».
ΒΙΚΤΩΡΙΑ (3ης Σεπτεμβρίου 119, 8214.217): «Νύχτες καρναβαλιοῦ».
ΠΛΑΖΑ (Λεωφ. Κηφισίας 118, 6921.667): «Τά δίδυμα τῆς Λεγεώνας».
ΡΑΔΙΟ ΣΙΤΥ (Πατησίων 54, 8827.350): «Ἕνας ἥρωας τοῦ καιροῦ μας».
ΠΡΟΑΣΤΙΩΝ
ΑΚΡΟΠΟΛ (Ν. Σμύρνη, 9332.114): «Ὁ ἄρχοντας τῶν βουνῶν».
ΑΣΤΡΟΝ (Χαλάνδρι, 6820.389): «Δυό τρελοί κι ἀταίριαστοι».
ΟΡΦΕΑΣ (Ν. Ἰωνία, 2793.517): «Ὁ δραπέτης τοῦ Ἀλκατράζ».
ΣΙΝΕ ΦΛΟΙΣΒΟΣ (Π. Φάληρο, 9821.256): «Ρόδα, τσάντα καί κοπάνα».
ΣΠΟΡΤΙΓΚ (Ν. Σμύρνη, 9333.820): «Ὁ ἄνθρωπος μέ τή μάσκα».
ΦΙΛΙΠ (Ν. Ἡράκλειο, 2816.532): «Ἡ κυρία ντετέκτιβ».
ΔΡΟΣΙΑ (Ἐδέμ, Π. Φάληρο, 9563.817): «Ἡ λίμνη τῶν στεναγμῶν».
ΕΛΛΗΝΙΣ (Λεωφ. Κηφισίας 29, 6464.009): «Τό τελευταῖο βαλς».
ΜΑΓΙΑ (Ἀβέρωφ 14, 8237.716): «Ἡ ἐξαφάνιση».
ΝΑΝΑ (Λεωφ. Βουλιαγμένης 179, 9703.158): «Ὁ ἄνθρωπος ἀπό τή Λαμάντσα».
ΟΠΕΡΑ (Ἀκαδημίας 57, 3622.683): «Ἡ νύχτα τῶν στρατηγῶν».
ΟΣΚΑΡ (Ἀχαρνῶν 330, 8234.903): «Ἡ μεγάλη ληστεία τοῦ τραίνου».
ΡΕΞ (Πανεπιστημίου 48, 3614.591): «Ἡ κατάρα τῆς μούμιας».
ΡΙΒΟΛΙ (Βαλτετσίου 21, 3620.826): «Ὁ συμβολαιογράφος».
ΣΟΦΙΑ (Ἀργυρούπολη, 9927.447): «Ὁ ἐπαναστάτης».
ΤΡΙΑΝΟΝ (Κοδριγκτῶνος 21, 8215.469): «Ἡ ἀδελφή μου καί ἐγώ».
ΕΠΙΛΟΓΗ
✚ «ΕΝΑΣ ΑΜΕΡΙΚΑΝΟΣ ΦΙΛΟΣ» τοῦ Βίμ Βέντερς (Κ) («Ἀστύ»).
✚ «ΑΝΑΤΟΛΙΚΑ ΤΗΣ ΕΔΕΜ» τοῦ Ἠλία Καζάν (Κ) («Ἀστόρ»).
✚ «ΟΙ ΓΥΝΑΙΚΕΣ ΣΗΜΕΡΑ» — ντοκυμανταίρ (Κ) («Ἀμικό»).
✚ «ΟΔΥΣΣΕΙΑ ΤΟΥ ΔΙΑΣΤΗΜΑΤΟΣ 2001» τοῦ Στάνλεϋ Κιούμπρικ (Κ) («Ἀνδόρα»).
✚ «ΕΝΑΣ ΒΑΣΙΛΙΑΣ ΣΤΗ Ν. ΥΟΡΚΗ» τοῦ Τσάρλι Τσάπλιν (Κ) («Ἀθηναία»).
✚ «ΤΟ ΠΑΡΤΥ» τοῦ Μπλέηκ Ἔντουαρντς μέ τόν Πῆτερ Σέλλερς (Κ) («Αἴγλη»).
✚ «ΟΙ ΕΝΤΙΜΟΤΑΤΟΙ ΦΙΛΟΙ ΜΟΥ» τοῦ Μάριο Μονιτσέλλι (Κ) («Α—Β»).
✚ «Η ΤΕΛΕΥΤΑΙΑ ΤΡΕΛΑ ΤΟΥ ΜΕΛ ΜΠΡΟΥΚΣ» (Κ) («Ἀπόλλων»).
✚ «ΜΠΕΡΔΕΜΑΤΑ ΣΤΟ ΡΙΟ» τοῦ Φιλίπ ντέ Μπροκά («Βεργίνα»).
✚ «ΤΑ ΔΙΔΥΜΑ ΤΗΣ ΛΕΓΕΩΝΑΣ» τῶν Λώρελ — Χάρντυ («Πλάζα»).
✚ «Ο ΤΑΧΥΔΡΟΜΟΣ ΧΤΥΠΑΕΙ ΠΑΝΤΑ ΔΥΟ ΦΟΡΕΣ» («Ἀττικόν»).
Πειραιά
Β' ΠΡΟΒΟΛΗΣ
ΑΝΕΣΙΣ (Χαρ. Τρικούπη 44, 4170.742): «Ὁ ἐκτελεστής».
ΑΤΤΙΚΟΝ (Ἡρ. Πολυτεχνείου 100, 4175.897): «Ἡ μεγάλη ἀπόδραση».
ΔΗΜΟΤΙΚΟΝ (Πλ. Κοραῆ, 4225.653): «Ἡ κόρη τοῦ καπετάνιου».
ΖΕΑ (Πασαλιμάνι, 4521.388): «Ἕνας ἱππότης γιά τή Λουκρητία».
ΚΑΠΙΤΟΛ (Γρ. Λαμπράκη 302, 4175.115): «Ὁ ἄνθρωπος μέ τό γαρύφαλλο».
ΟΣΚΑΡ (Φίλωνος 95, 4520.488): «Νύχτες τοῦ λιμανιοῦ».
ΠΑΛΛΑΣ (Πασαλιμάνι, 4510.185): «Τό τρένο θά σφυρίξει τρεῖς φορές».
ΣΙΝΕΑΚ (Πλ. Δημαρχείου, 4225.653): Ζουρνάλ — Μίκυ Μάους.
ΗΜΙΚΕΝΤΡΙΚΟΙ
ΑΚΡΟΠΟΛ (Νίκαια, 4902.114): «Ὁ δρόμος πρός τή δύση».
ΑΠΟΛΛΩΝ (Κερατσίνι, 4612.356): «Τό νησί τῶν θησαυρῶν».
ΡΕΞ (Κορυδαλλός, 4953.217): «Ἕνας σερίφης στή Νέα Ὑόρκη».
ΣΠΛΕΝΤΙΤ (Πέραμα, 4412.093): «Ἡ ἐπιστροφή τοῦ Ζορρό».
